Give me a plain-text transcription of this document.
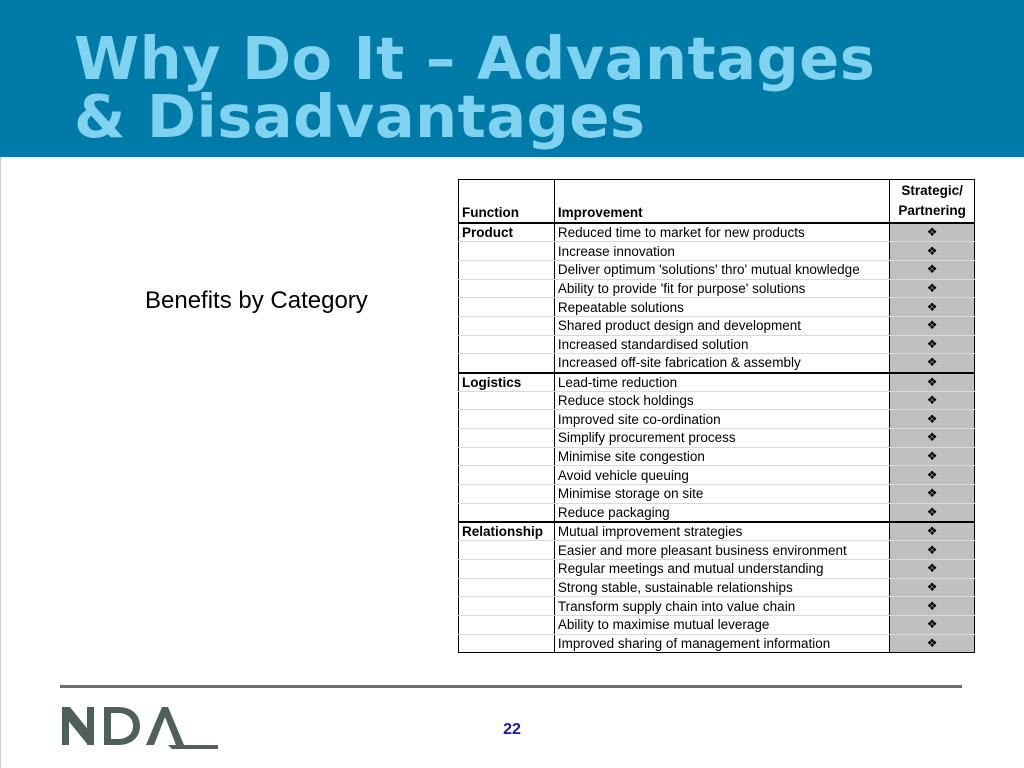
Why Do It – Advantages
& Disadvantages
Benefits by Category
Function	Improvement	Strategic/
Partnering
Product	Reduced time to market for new products	❖
	Increase innovation	❖
	Deliver optimum 'solutions' thro' mutual knowledge	❖
	Ability to provide 'fit for purpose' solutions	❖
	Repeatable solutions	❖
	Shared product design and development	❖
	Increased standardised solution	❖
	Increased off-site fabrication & assembly	❖
Logistics	Lead-time reduction	❖
	Reduce stock holdings	❖
	Improved site co-ordination	❖
	Simplify procurement process	❖
	Minimise site congestion	❖
	Avoid vehicle queuing	❖
	Minimise storage on site	❖
	Reduce packaging	❖
Relationship	Mutual improvement strategies	❖
	Easier and more pleasant business environment	❖
	Regular meetings and mutual understanding	❖
	Strong stable, sustainable relationships	❖
	Transform supply chain into value chain	❖
	Ability to maximise mutual leverage	❖
	Improved sharing of management information	❖
22
